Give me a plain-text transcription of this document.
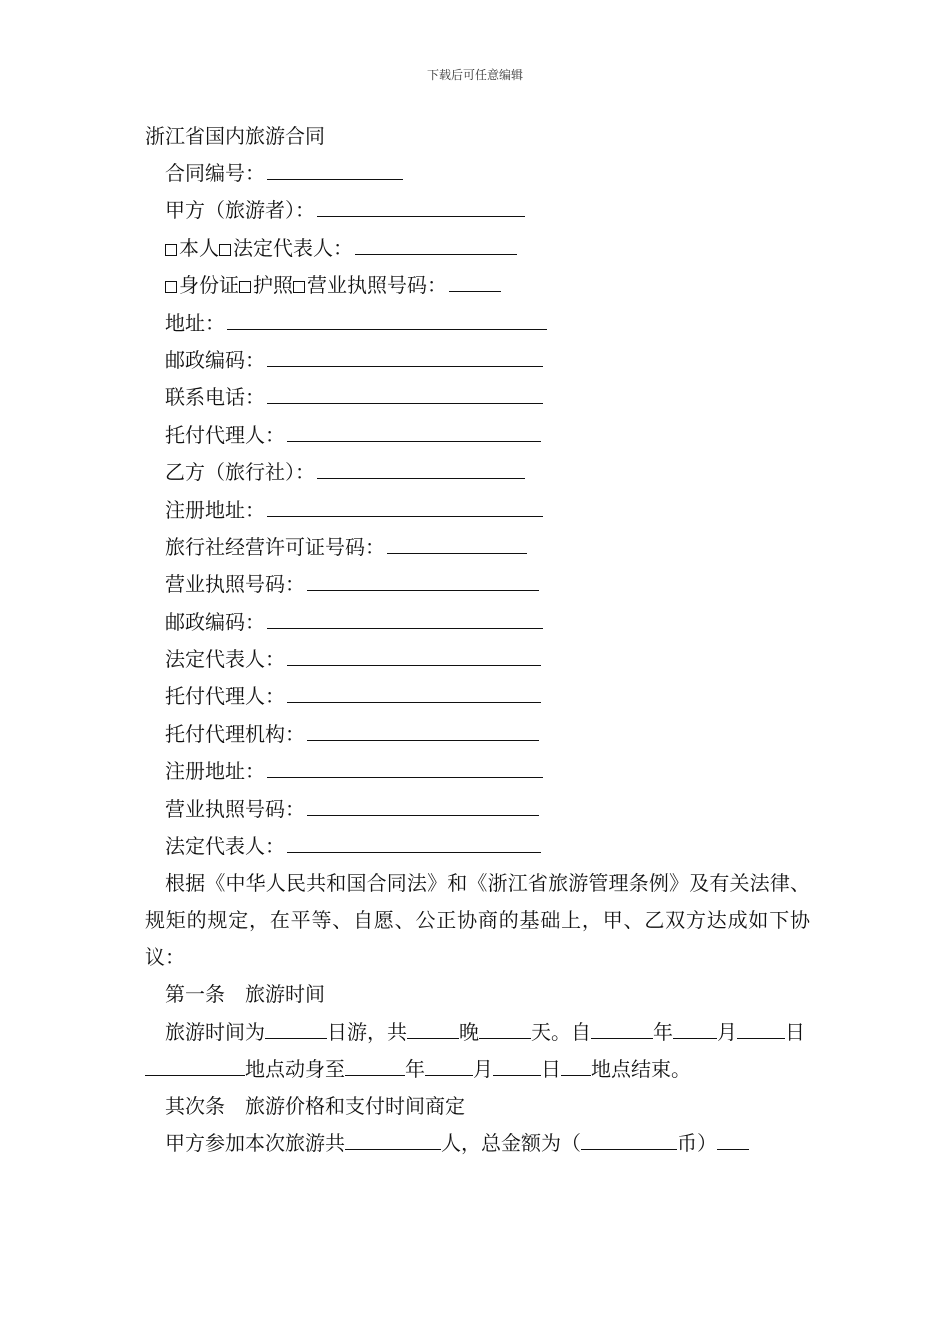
下载后可任意编辑
浙江省国内旅游合同
合同编号：
甲方（旅游者）：
本人 法定代表人：
身份证 护照 营业执照号码：
地址：
邮政编码：
联系电话：
托付代理人：
乙方（旅行社）：
注册地址：
旅行社经营许可证号码：
营业执照号码：
邮政编码：
法定代表人：
托付代理人：
托付代理机构：
注册地址：
营业执照号码：
法定代表人：
根据《中华人民共和国合同法》和《浙江省旅游管理条例》及有关法律、规矩的规定，在平等、自愿、公正协商的基础上，甲、乙双方达成如下协议：
第一条　旅游时间
旅游时间为	日游，共	晚	天。自	年 月 日地点动身至	年 月 日 地点结束。
其次条　旅游价格和支付时间商定
甲方参加本次旅游共	人，总金额为（	币）
